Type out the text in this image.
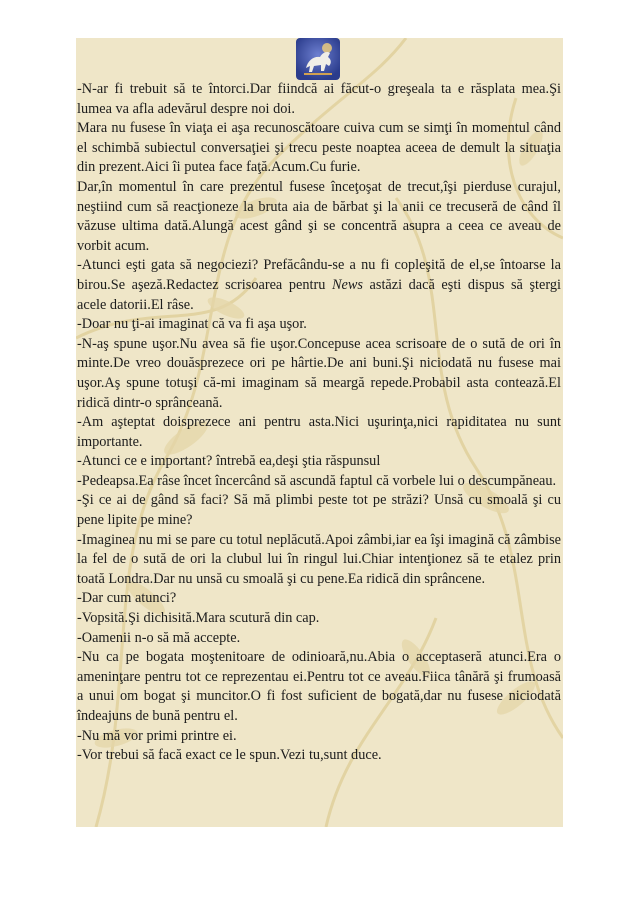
-N-ar fi trebuit să te întorci.Dar fiindcă ai făcut-o greşeala ta e răsplata mea.Şi lumea va afla adevărul despre noi doi.

Mara nu fusese în viaţa ei aşa recunoscătoare cuiva cum se simţi în momentul când el schimbă subiectul conversaţiei şi trecu peste noaptea aceea de demult la situaţia din prezent.Aici îi putea face faţă.Acum.Cu furie.

Dar,în momentul în care prezentul fusese înceţoşat de trecut,îşi pierduse curajul, neştiind cum să reacţioneze la bruta aia de bărbat şi la anii ce trecuseră de când îl văzuse ultima dată.Alungă acest gând şi se concentră asupra a ceea ce aveau de vorbit acum.

-Atunci eşti gata să negociezi? Prefăcându-se a nu fi copleşită de el,se întoarse la birou.Se aşeză.Redactez scrisoarea pentru News astăzi dacă eşti dispus să ştergi acele datorii.El râse.

-Doar nu ţi-ai imaginat că va fi aşa uşor.

-N-aş spune uşor.Nu avea să fie uşor.Concepuse acea scrisoare de o sută de ori în minte.De vreo douăsprezece ori pe hârtie.De ani buni.Şi niciodată nu fusese mai uşor.Aş spune totuşi că-mi imaginam să meargă repede.Probabil asta contează.El ridică dintr-o sprânceană.

-Am aşteptat doisprezece ani pentru asta.Nici uşurinţa,nici rapiditatea nu sunt importante.

-Atunci ce e important? întrebă ea,deşi ştia răspunsul

-Pedeapsa.Ea râse încet încercând să ascundă faptul că vorbele lui o descumpăneau.

-Şi ce ai de gând să faci? Să mă plimbi peste tot pe străzi? Unsă cu smoală şi cu pene lipite pe mine?

-Imaginea nu mi se pare cu totul neplăcută.Apoi zâmbi,iar ea îşi imagină că zâmbise la fel de o sută de ori la clubul lui în ringul lui.Chiar intenţionez să te etalez prin toată Londra.Dar nu unsă cu smoală şi cu pene.Ea ridică din sprâncene.

-Dar cum atunci?

-Vopsită.Şi dichisită.Mara scutură din cap.

-Oamenii n-o să mă accepte.

-Nu ca pe bogata moştenitoare de odinioară,nu.Abia o acceptaseră atunci.Era o ameninţare pentru tot ce reprezentau ei.Pentru tot ce aveau.Fiica tânără şi frumoasă a unui om bogat şi muncitor.O fi fost suficient de bogată,dar nu fusese niciodată îndeajuns de bună pentru el.

-Nu mă vor primi printre ei.

-Vor trebui să facă exact ce le spun.Vezi tu,sunt duce.
